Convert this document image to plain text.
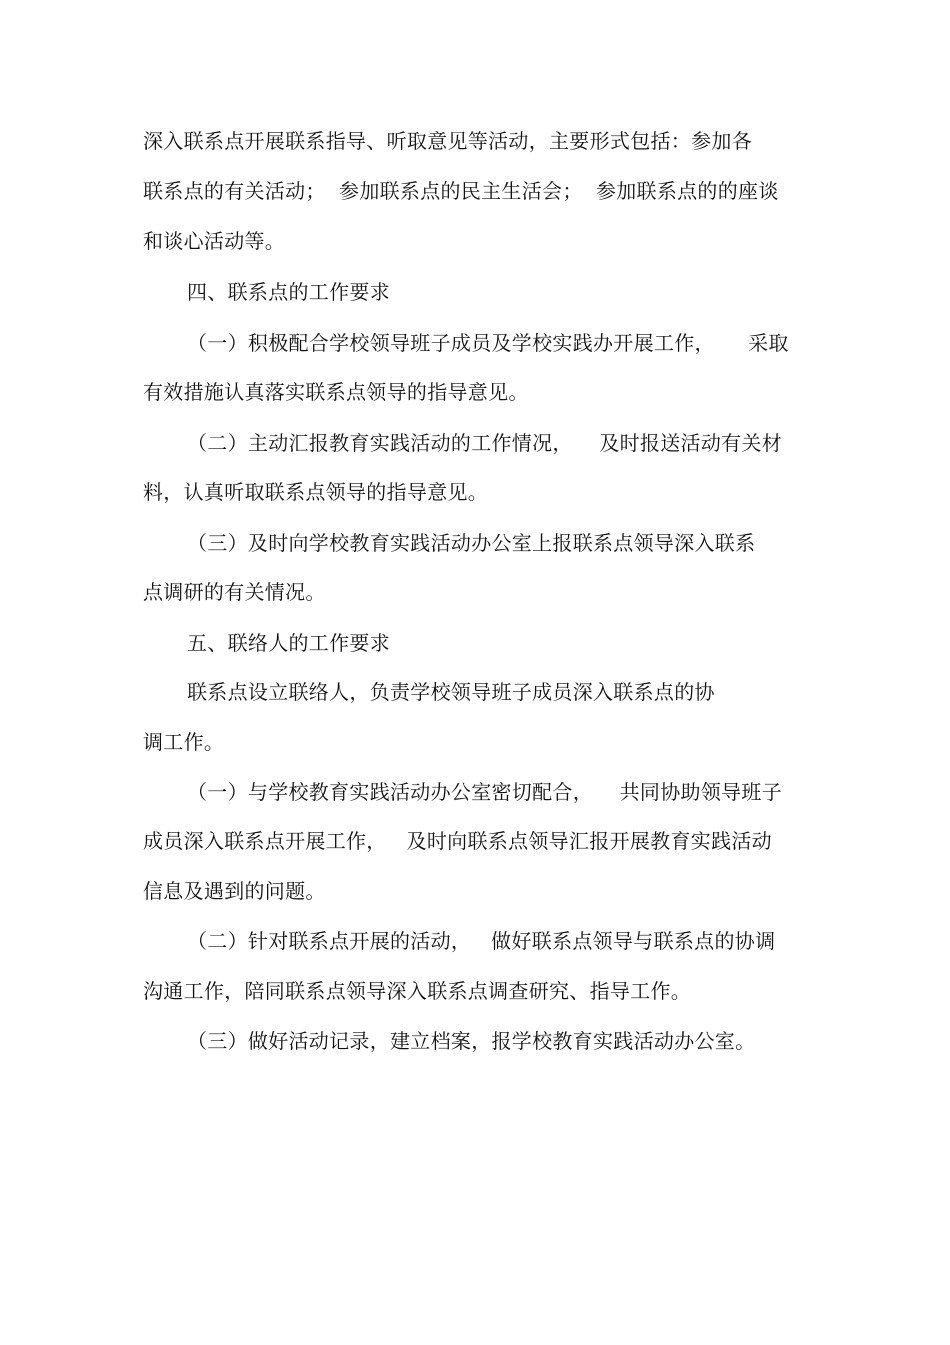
深入联系点开展联系指导、听取意见等活动，主要形式包括：参加各
联系点的有关活动；  参加联系点的民主生活会；  参加联系点的的座谈
和谈心活动等。
四、联系点的工作要求
（一）积极配合学校领导班子成员及学校实践办开展工作，     采取
有效措施认真落实联系点领导的指导意见。
（二）主动汇报教育实践活动的工作情况，    及时报送活动有关材
料，认真听取联系点领导的指导意见。
（三）及时向学校教育实践活动办公室上报联系点领导深入联系
点调研的有关情况。
五、联络人的工作要求
联系点设立联络人，负责学校领导班子成员深入联系点的协
调工作。
（一）与学校教育实践活动办公室密切配合，    共同协助领导班子
成员深入联系点开展工作，   及时向联系点领导汇报开展教育实践活动
信息及遇到的问题。
（二）针对联系点开展的活动，   做好联系点领导与联系点的协调
沟通工作，陪同联系点领导深入联系点调查研究、指导工作。
（三）做好活动记录，建立档案，报学校教育实践活动办公室。
